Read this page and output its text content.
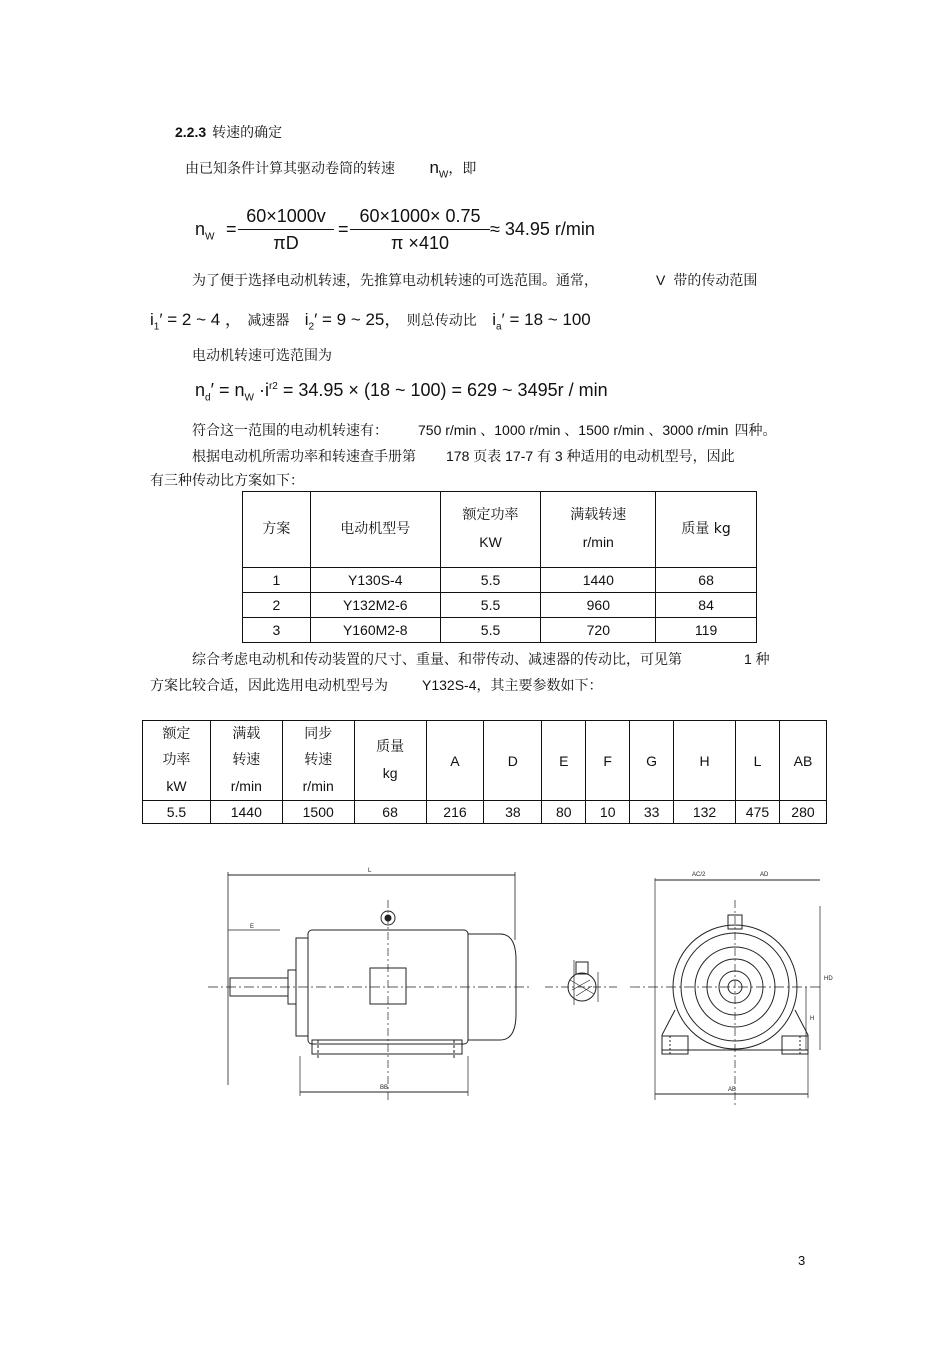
2.2.3 转速的确定
由已知条件计算其驱动卷筒的转速 $n_W$，即
$n_W$ =
60×1000v
πD
=
60×1000× 0.75
π ×410
≈ 34.95 r/min
为了便于选择电动机转速，先推算电动机转速的可选范围。通常，	V 带的传动范围
$i_1' = 2$ ~ 4 ， 减速器 $i_2' = 9$ ~ 25， 则总传动比 $i_a' = 18$ ~ 100
电动机转速可选范围为
$n_d' = n_W \cdot i^{r2} = 34.95 \times (18$ ~ 100) = 629 ~ 3495r / min
符合这一范围的电动机转速有： 750 r/min 、1000 r/min 、1500 r/min 、3000 r/min 四种。
根据电动机所需功率和转速查手册第 178 页表 17-7 有 3 种适用的电动机型号，因此
有三种传动比方案如下：
方案	电动机型号	额定功率
KW	满载转速
r/min	质量 kg
1	Y130S-4	5.5	1440	68
2	Y132M2-6	5.5	960	84
3	Y160M2-8	5.5	720	119
综合考虑电动机和传动装置的尺寸、重量、和带传动、减速器的传动比，可见第	1 种
方案比较合适，因此选用电动机型号为 Y132S-4，其主要参数如下：
额定
功率
kW	满载
转速
r/min	同步
转速
r/min	质量
kg	A	D	E	F	G	H	L	AB
5.5	1440	1500	68	216	38	80	10	33	132	475	280
L
E
BB
AC/2	AD
HD
H
AB
3
